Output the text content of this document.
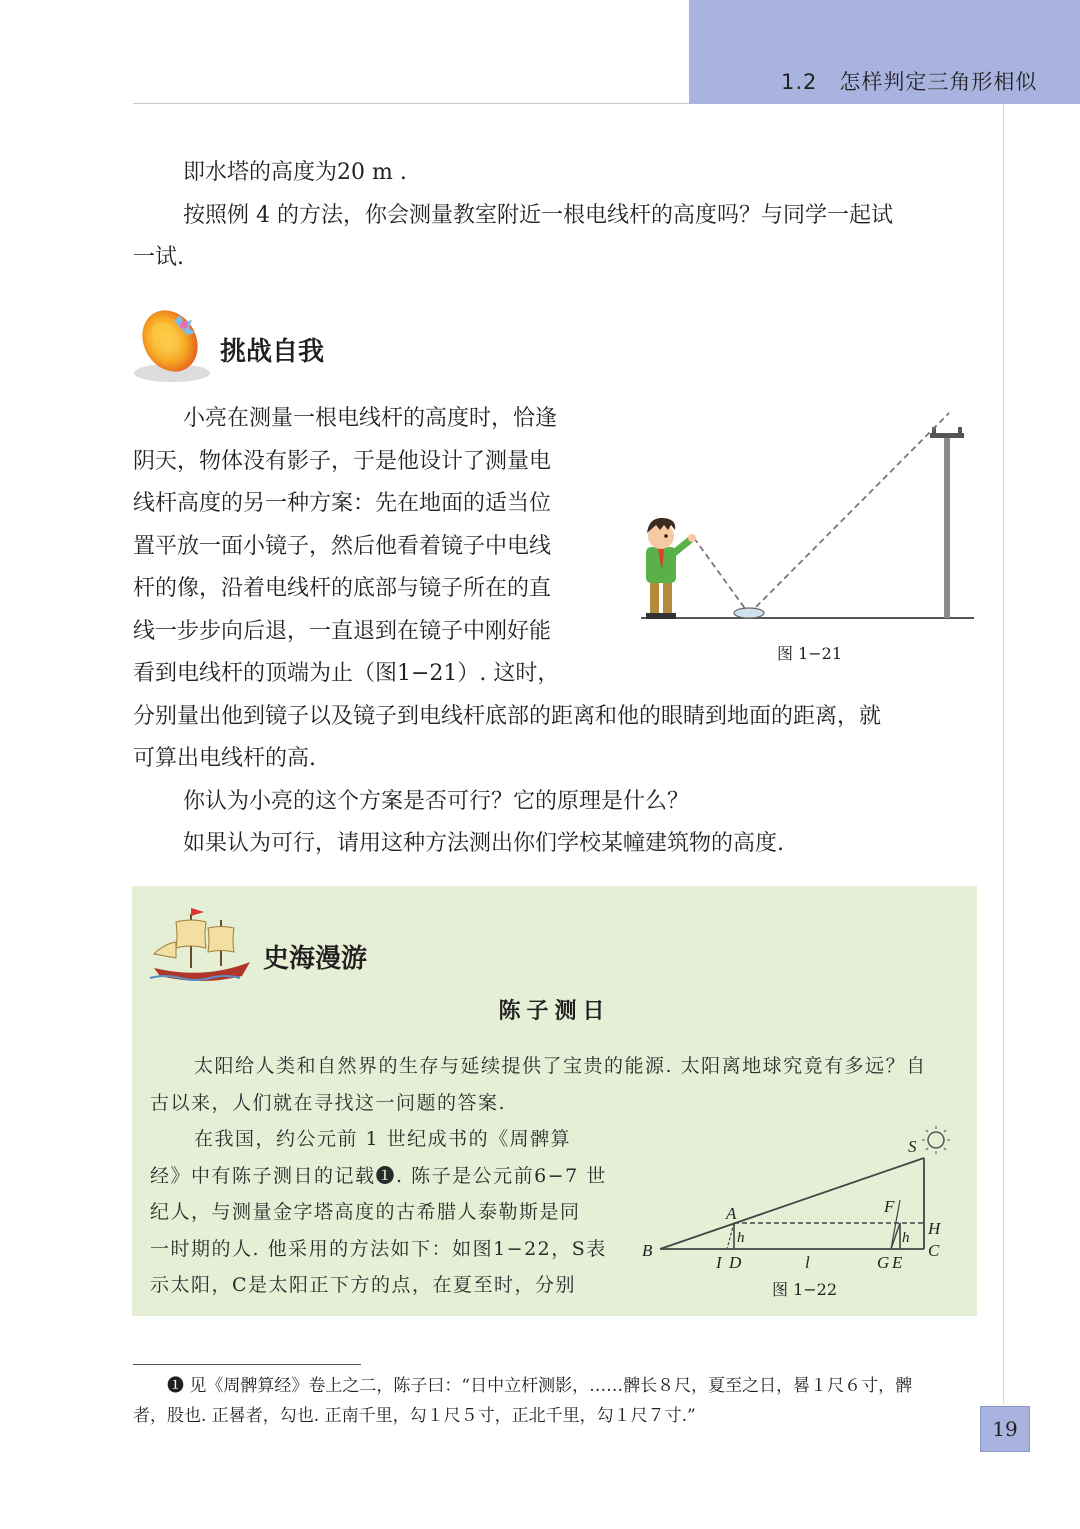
1.2　怎样判定三角形相似
即水塔的高度为20 m .
按照例 4 的方法，你会测量教室附近一根电线杆的高度吗？与同学一起试
一试.
挑战自我
小亮在测量一根电线杆的高度时，恰逢
阴天，物体没有影子，于是他设计了测量电
线杆高度的另一种方案：先在地面的适当位
置平放一面小镜子，然后他看着镜子中电线
杆的像，沿着电线杆的底部与镜子所在的直
线一步步向后退，一直退到在镜子中刚好能
看到电线杆的顶端为止（图1−21）. 这时，
分别量出他到镜子以及镜子到电线杆底部的距离和他的眼睛到地面的距离，就
可算出电线杆的高.
你认为小亮的这个方案是否可行？它的原理是什么？
如果认为可行，请用这种方法测出你们学校某幢建筑物的高度.
图 1−21
史海漫游
陈子测日
太阳给人类和自然界的生存与延续提供了宝贵的能源. 太阳离地球究竟有多远？自
古以来，人们就在寻找这一问题的答案.
在我国，约公元前 1 世纪成书的《周髀算
经》中有陈子测日的记载❶. 陈子是公元前6−7 世
纪人，与测量金字塔高度的古希腊人泰勒斯是同
一时期的人. 他采用的方法如下：如图1−22，S表
示太阳，C是太阳正下方的点，在夏至时，分别
S
A	F
H
B
I D	l	G E
C
h	h
图 1−22
❶ 见《周髀算经》卷上之二，陈子曰：“日中立杆测影，……髀长８尺，夏至之日，晷１尺６寸，髀
者，股也. 正晷者，勾也. 正南千里，勾１尺５寸，正北千里，勾１尺７寸.”
19
